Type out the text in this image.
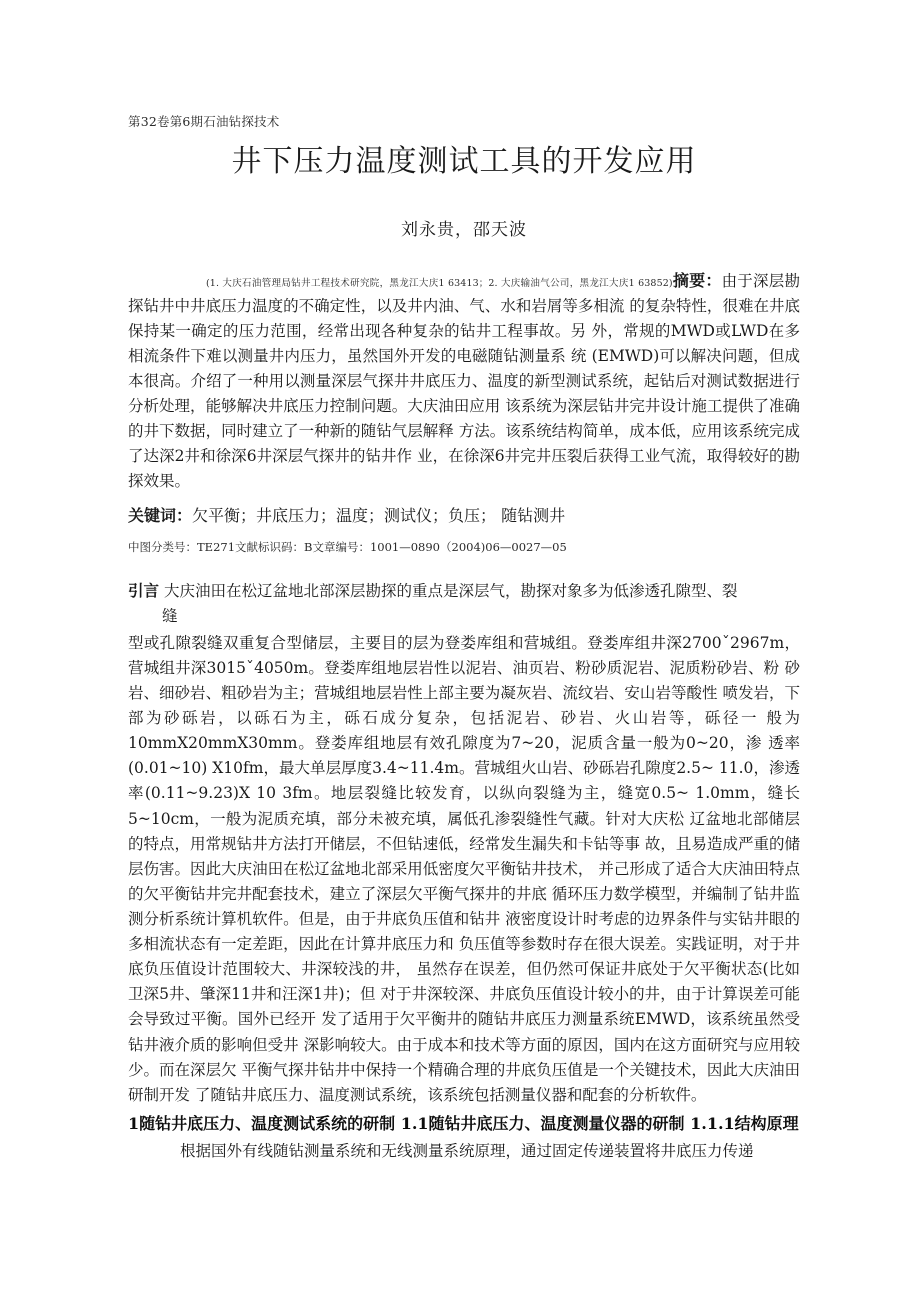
第32卷第6期石油钻探技术
井下压力温度测试工具的开发应用
刘永贵，邵天波
(1. 大庆石油管理局钻井工程技术研究院，黑龙江大庆1 63413；2. 大庆输油气公司，黑龙江大庆1 63852)摘要：由于深层勘探钻井中井底压力温度的不确定性，以及井内油、气、水和岩屑等多相流 的复杂特性，很难在井底保持某一确定的压力范围，经常出现各种复杂的钻井工程事故。另 外，常规的MWD或LWD在多相流条件下难以测量井内压力，虽然国外开发的电磁随钻测量系 统 (EMWD)可以解决问题，但成本很高。介绍了一种用以测量深层气探井井底压力、温度的新型测试系统，起钻后对测试数据进行分析处理，能够解决井底压力控制问题。大庆油田应用 该系统为深层钻井完井设计施工提供了准确的井下数据，同时建立了一种新的随钻气层解释 方法。该系统结构简单，成本低，应用该系统完成了达深2井和徐深6井深层气探井的钻井作 业，在徐深6井完井压裂后获得工业气流，取得较好的勘探效果。
关键词：欠平衡；井底压力；温度；测试仪；负压； 随钻测井
中图分类号：TE271文献标识码：B文章编号：1001—0890（2004)06—0027—05
引言 大庆油田在松辽盆地北部深层勘探的重点是深层气，勘探对象多为低渗透孔隙型、裂
缝

型或孔隙裂缝双重复合型储层，主要目的层为登娄库组和营城组。登娄库组井深2700ˇ2967m， 营城组井深3015ˇ4050m。登娄库组地层岩性以泥岩、油页岩、粉砂质泥岩、泥质粉砂岩、粉 砂岩、细砂岩、粗砂岩为主；营城组地层岩性上部主要为凝灰岩、流纹岩、安山岩等酸性 喷发岩，下部为砂砾岩，以砾石为主，砾石成分复杂，包括泥岩、砂岩、火山岩等，砾径一 般为10mmX20mmX30mm。登娄库组地层有效孔隙度为7~20，泥质含量一般为0~20，渗 透率(0.01~10) X10fm，最大单层厚度3.4~11.4m。营城组火山岩、砂砾岩孔隙度2.5~ 11.0，渗透率(0.11~9.23)X 10 3fm。地层裂缝比较发育，以纵向裂缝为主，缝宽0.5~ 1.0mm，缝长5~10cm，一般为泥质充填，部分未被充填，属低孔渗裂缝性气藏。针对大庆松 辽盆地北部储层的特点，用常规钻井方法打开储层，不但钻速低，经常发生漏失和卡钻等事 故，且易造成严重的储层伤害。因此大庆油田在松辽盆地北部采用低密度欠平衡钻井技术， 并己形成了适合大庆油田特点的欠平衡钻井完井配套技术，建立了深层欠平衡气探井的井底 循环压力数学模型，并编制了钻井监测分析系统计算机软件。但是，由于井底负压值和钻井 液密度设计时考虑的边界条件与实钻井眼的多相流状态有一定差距，因此在计算井底压力和 负压值等参数时存在很大误差。实践证明，对于井底负压值设计范围较大、井深较浅的井， 虽然存在误差，但仍然可保证井底处于欠平衡状态(比如卫深5井、肇深11井和汪深1井)；但 对于井深较深、井底负压值设计较小的井，由于计算误差可能会导致过平衡。国外已经开 发了适用于欠平衡井的随钻井底压力测量系统EMWD，该系统虽然受钻井液介质的影响但受井 深影响较大。由于成本和技术等方面的原因，国内在这方面研究与应用较少。而在深层欠 平衡气探井钻井中保持一个精确合理的井底负压值是一个关键技术，因此大庆油田研制开发 了随钻井底压力、温度测试系统，该系统包括测量仪器和配套的分析软件。

1随钻井底压力、温度测试系统的研制 1.1随钻井底压力、温度测量仪器的研制 1.1.1结构原理

根据国外有线随钻测量系统和无线测量系统原理，通过固定传递装置将井底压力传递
